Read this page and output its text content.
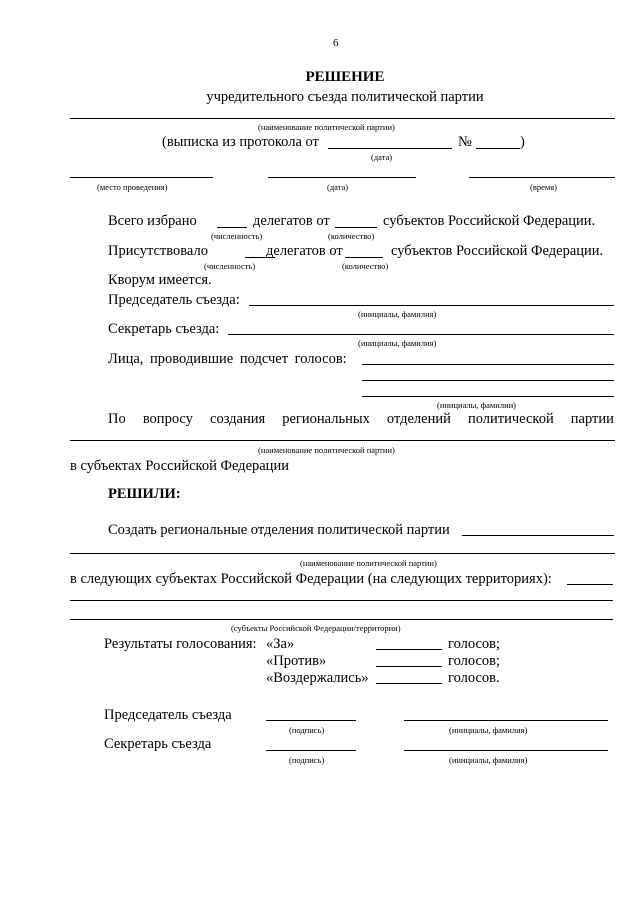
6
РЕШЕНИЕ
учредительного съезда политической партии
(наименование политической партии)
(выписка из протокола от	№	)
(дата)
(место проведения)	(дата)	(время)
Всего избрано	делегатов от	субъектов Российской Федерации.
(численность)	(количество)
Присутствовало	делегатов от	субъектов Российской Федерации.
(численность)	(количество)
Кворум имеется.
Председатель съезда:
(инициалы, фамилия)
Секретарь съезда:
(инициалы, фамилия)
Лица, проводившие подсчет голосов:
(инициалы, фамилии)
По вопросу создания региональных отделений политической партии
(наименование политической партии)
в субъектах Российской Федерации
РЕШИЛИ:
Создать региональные отделения политической партии
(наименование политической партии)
в следующих субъектах Российской Федерации (на следующих территориях):
(субъекты Российской Федерации/территории)
Результаты голосования: «За»	голосов;
«Против»	голосов;
«Воздержались»	голосов.
Председатель съезда
(подпись)	(инициалы, фамилия)
Секретарь съезда
(подпись)	(инициалы, фамилия)
